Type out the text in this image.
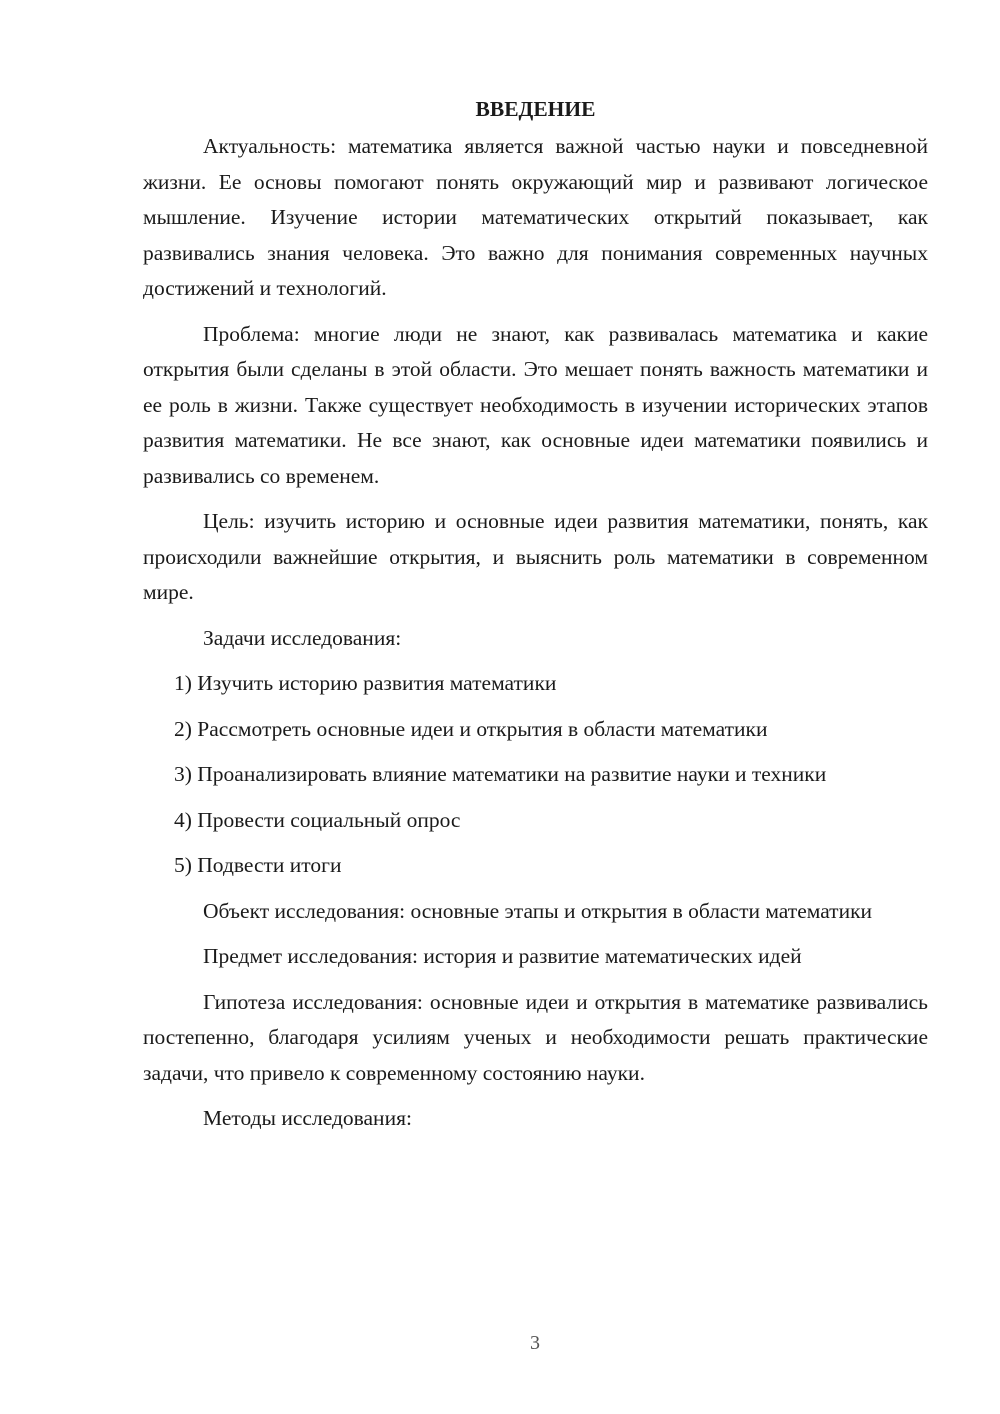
ВВЕДЕНИЕ

Актуальность: математика является важной частью науки и повседневной жизни. Ее основы помогают понять окружающий мир и развивают логическое мышление. Изучение истории математических открытий показывает, как развивались знания человека. Это важно для понимания современных научных достижений и технологий.

Проблема: многие люди не знают, как развивалась математика и какие открытия были сделаны в этой области. Это мешает понять важность математики и ее роль в жизни. Также существует необходимость в изучении исторических этапов развития математики. Не все знают, как основные идеи математики появились и развивались со временем.

Цель: изучить историю и основные идеи развития математики, понять, как происходили важнейшие открытия, и выяснить роль математики в современном мире.

Задачи исследования:

1) Изучить историю развития математики

2) Рассмотреть основные идеи и открытия в области математики

3) Проанализировать влияние математики на развитие науки и техники

4) Провести социальный опрос

5) Подвести итоги

Объект исследования: основные этапы и открытия в области математики

Предмет исследования: история и развитие математических идей

Гипотеза исследования: основные идеи и открытия в математике развивались постепенно, благодаря усилиям ученых и необходимости решать практические задачи, что привело к современному состоянию науки.

Методы исследования:

3
